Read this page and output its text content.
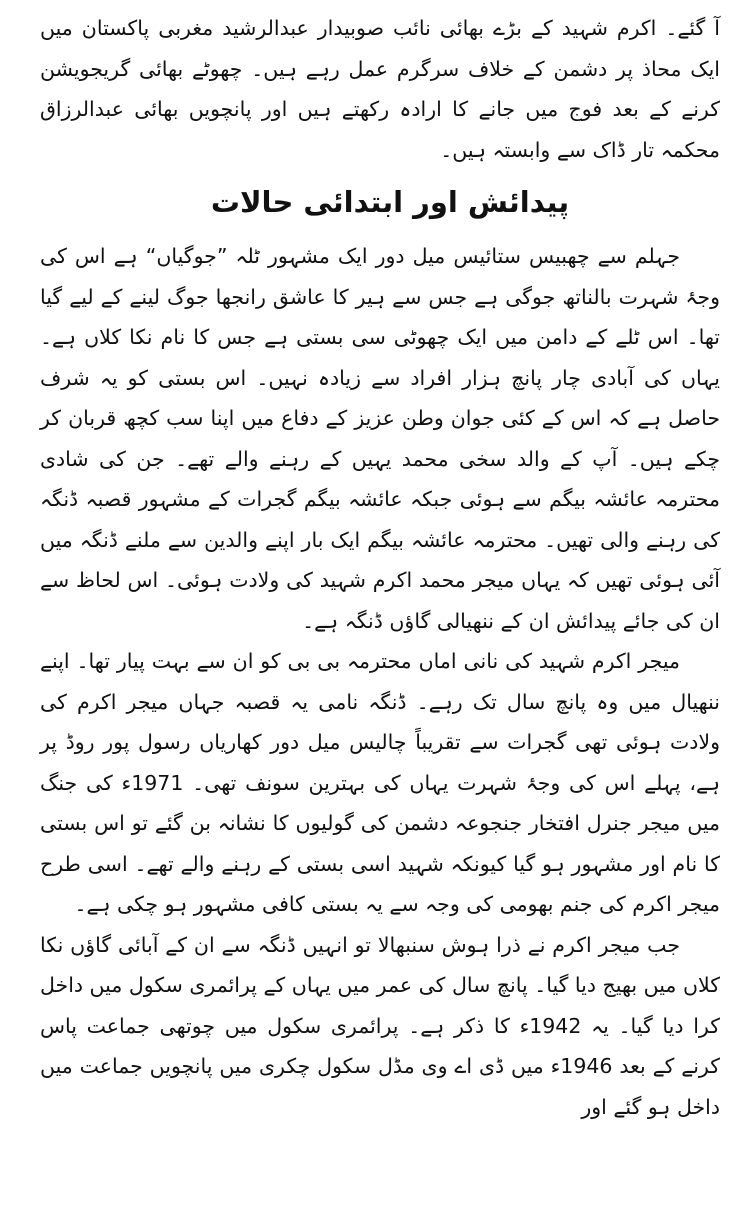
آ گئے۔ اکرم شہید کے بڑے بھائی نائب صوبیدار عبدالرشید مغربی پاکستان میں ایک محاذ پر دشمن کے خلاف سرگرم عمل رہے ہیں۔ چھوٹے بھائی گریجویشن کرنے کے بعد فوج میں جانے کا ارادہ رکھتے ہیں اور پانچویں بھائی عبدالرزاق محکمہ تار ڈاک سے وابستہ ہیں۔

پیدائش اور ابتدائی حالات

جہلم سے چھبیس ستائیس میل دور ایک مشہور ٹلہ ”جوگیاں“ ہے اس کی وجۂ شہرت بالناتھ جوگی ہے جس سے ہیر کا عاشق رانجھا جوگ لینے کے لیے گیا تھا۔ اس ٹلے کے دامن میں ایک چھوٹی سی بستی ہے جس کا نام نکا کلاں ہے۔ یہاں کی آبادی چار پانچ ہزار افراد سے زیادہ نہیں۔ اس بستی کو یہ شرف حاصل ہے کہ اس کے کئی جوان وطن عزیز کے دفاع میں اپنا سب کچھ قربان کر چکے ہیں۔ آپ کے والد سخی محمد یہیں کے رہنے والے تھے۔ جن کی شادی محترمہ عائشہ بیگم سے ہوئی جبکہ عائشہ بیگم گجرات کے مشہور قصبہ ڈنگہ کی رہنے والی تھیں۔ محترمہ عائشہ بیگم ایک بار اپنے والدین سے ملنے ڈنگہ میں آئی ہوئی تھیں کہ یہاں میجر محمد اکرم شہید کی ولادت ہوئی۔ اس لحاظ سے ان کی جائے پیدائش ان کے ننھیالی گاؤں ڈنگہ ہے۔

میجر اکرم شہید کی نانی اماں محترمہ بی بی کو ان سے بہت پیار تھا۔ اپنے ننھیال میں وہ پانچ سال تک رہے۔ ڈنگہ نامی یہ قصبہ جہاں میجر اکرم کی ولادت ہوئی تھی گجرات سے تقریباً چالیس میل دور کھاریاں رسول پور روڈ پر ہے، پہلے اس کی وجۂ شہرت یہاں کی بہترین سونف تھی۔ 1971ء کی جنگ میں میجر جنرل افتخار جنجوعہ دشمن کی گولیوں کا نشانہ بن گئے تو اس بستی کا نام اور مشہور ہو گیا کیونکہ شہید اسی بستی کے رہنے والے تھے۔ اسی طرح میجر اکرم کی جنم بھومی کی وجہ سے یہ بستی کافی مشہور ہو چکی ہے۔

جب میجر اکرم نے ذرا ہوش سنبھالا تو انہیں ڈنگہ سے ان کے آبائی گاؤں نکا کلاں میں بھیج دیا گیا۔ پانچ سال کی عمر میں یہاں کے پرائمری سکول میں داخل کرا دیا گیا۔ یہ 1942ء کا ذکر ہے۔ پرائمری سکول میں چوتھی جماعت پاس کرنے کے بعد 1946ء میں ڈی اے وی مڈل سکول چکری میں پانچویں جماعت میں داخل ہو گئے اور
